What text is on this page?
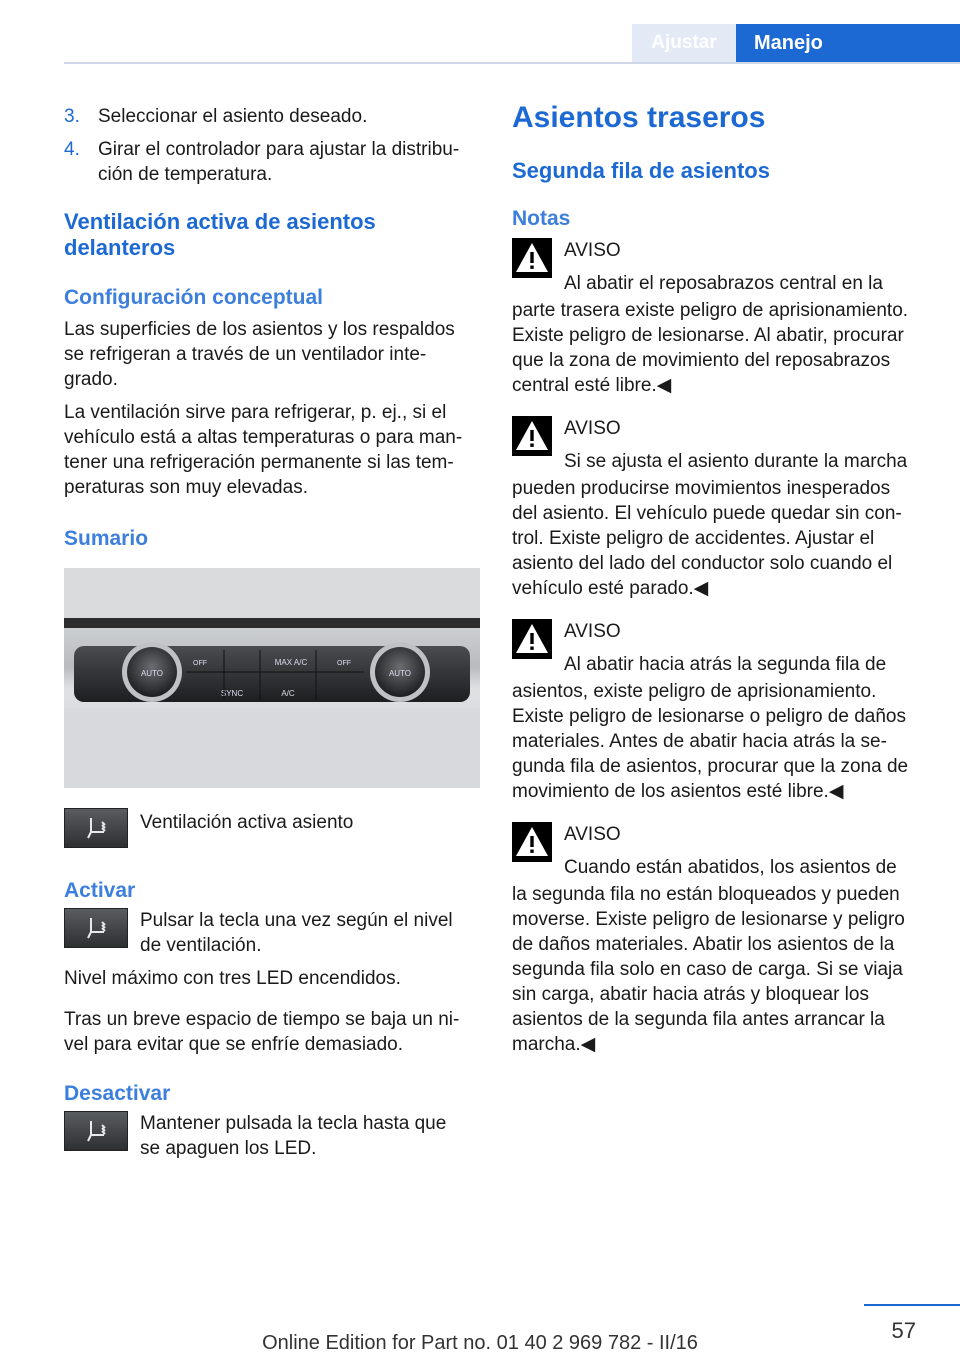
Ajustar	Manejo
3. Seleccionar el asiento deseado.
4. Girar el controlador para ajustar la distribu‐
ción de temperatura.
Ventilación activa de asientos
delanteros
Configuración conceptual

Las superficies de los asientos y los respaldos
se refrigeran a través de un ventilador inte‐
grado.

La ventilación sirve para refrigerar, p. ej., si el
vehículo está a altas temperaturas o para man‐
tener una refrigeración permanente si las tem‐
peraturas son muy elevadas.

Sumario
AUTO	AUTO
MAX A/C
SYNC	A/C
OFF	OFF

Ventilación activa asiento

Activar

Pulsar la tecla una vez según el nivel
de ventilación.

Nivel máximo con tres LED encendidos.

Tras un breve espacio de tiempo se baja un ni‐
vel para evitar que se enfríe demasiado.

Desactivar

Mantener pulsada la tecla hasta que
se apaguen los LED.

Asientos traseros
Segunda fila de asientos
Notas

AVISO

Al abatir el reposabrazos central en la

parte trasera existe peligro de aprisionamiento.
Existe peligro de lesionarse. Al abatir, procurar
que la zona de movimiento del reposabrazos
central esté libre.◀

AVISO

Si se ajusta el asiento durante la marcha

pueden producirse movimientos inesperados
del asiento. El vehículo puede quedar sin con‐
trol. Existe peligro de accidentes. Ajustar el
asiento del lado del conductor solo cuando el
vehículo esté parado.◀

AVISO

Al abatir hacia atrás la segunda fila de

asientos, existe peligro de aprisionamiento.
Existe peligro de lesionarse o peligro de daños
materiales. Antes de abatir hacia atrás la se‐
gunda fila de asientos, procurar que la zona de
movimiento de los asientos esté libre.◀

AVISO

Cuando están abatidos, los asientos de

la segunda fila no están bloqueados y pueden
moverse. Existe peligro de lesionarse y peligro
de daños materiales. Abatir los asientos de la
segunda fila solo en caso de carga. Si se viaja
sin carga, abatir hacia atrás y bloquear los
asientos de la segunda fila antes arrancar la
marcha.◀

57
Online Edition for Part no. 01 40 2 969 782 - II/16
